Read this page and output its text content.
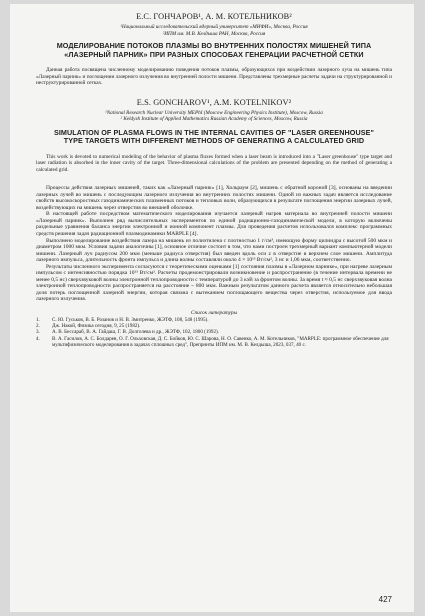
Е.С. ГОНЧАРОВ¹, А. М. КОТЕЛЬНИКОВ²
¹Национальный исследовательский ядерный университет «МИФИ», Москва, Россия
²ИПМ им. М.В. Келдыша РАН, Москва, Россия
МОДЕЛИРОВАНИЕ ПОТОКОВ ПЛАЗМЫ ВО ВНУТРЕННИХ ПОЛОСТЯХ МИШЕНЕЙ ТИПА «ЛАЗЕРНЫЙ ПАРНИК» ПРИ РАЗНЫХ СПОСОБАХ ГЕНЕРАЦИИ РАСЧЕТНОЙ СЕТКИ
Данная работа посвящена численному моделированию поведения потоков плазмы, образующихся при воздействии лазерного луча на мишень типа «Лазерный парник» и поглощении лазерного излучения во внутренней полости мишени. Представлены трехмерные расчеты задачи на структурированной и неструктурированной сетках.
E.S. GONCHAROV¹, A.M. KOTELNIKOV²
¹National Research Nuclear University MEPhI (Moscow Engineering Physics Institute), Moscow, Russia
² Keldysh Institute of Applied Mathematics Russian Academy of Sciences, Moscow, Russia
SIMULATION OF PLASMA FLOWS IN THE INTERNAL CAVITIES OF "LASER GREENHOUSE" TYPE TARGETS WITH DIFFERENT METHODS OF GENERATING A CALCULATED GRID
This work is devoted to numerical modeling of the behavior of plasma fluxes formed when a laser beam is introduced into a "Laser greenhouse" type target and laser radiation is absorbed in the inner cavity of the target. Three-dimensional calculations of the problem are presented depending on the method of generating a calculated grid.

Процессы действия лазерных мишеней, таких как «Лазерный парник» [1], Хольраум [2], мишень с обратной короной [3], основаны на введении лазерных лучей во мишень с последующим лазерного излучения во внутренних полостях мишени. Одной из важных задач является исследование свойств высокоскоростных газодинамических плазменных потоков и тепловых волн, образующихся в результате поглощения энергии лазерных лучей, воздействующих на мишень через отверстия во внешней оболочке.

В настоящей работе посредством математического моделирования изучается лазерный нагрев материала во внутренней полости мишени «Лазерный парник». Выполнен ряд вычислительных экспериментов по единой радиационно-газодинамической модели, в которую включены раздельные уравнения баланса энергии электронной и ионной компонент плазмы. Для проведения расчетов использовался комплекс программных средств решения задач радиационной плазмодинамики MARPLE [4].

Выполнено моделирование воздействия лазера на мишень из полиэтилена с плотностью 1 г/см³, имеющую форму цилиндра с высотой 500 мкм и диаметром 1000 мкм. Условия задачи аналогичны [1], основное отличие состоит в том, что нами построен трехмерный вариант компьютерной модели мишени. Лазерный луч радиусом 200 мкм (меньше радиуса отверстия) был введен вдоль оси z в отверстие в верхнем слое мишени. Амплитуда лазерного импульса, длительность фронта импульса и длина волны составляли около 4 × 10¹³ Вт/см², 3 нс и 1,06 мкм, соответственно.

Результаты численного эксперимента согласуются с теоретическими оценками [1] состояния плазмы в «Лазерном парнике», при нагреве лазерным импульсом с интенсивностью порядка 10¹³ Вт/см². Расчеты продемонстрировали возникновение и распространение (в течение интервала времени не менее 0,5 нс) сверхзвуковой волны электронной теплопроводности с температурой до 3 кэВ за фронтом волны. За время t ≈ 0,5 нс сверхзвуковая волна электронной теплопроводности распространяется на расстояние ~ 800 мкм. Важным результатом данного расчета является относительно небольшая доля потерь поглощенной лазерной энергии, которая связана с вытеканием поглощающего вещества через отверстия, используемое для ввода лазерного излучения.

Список литературы
1.	С. Ю. Гуськов, В. Б. Розанов и Н. В. Змитренко, ЖЭТФ, 108, 548 (1995).
2.	Дж. Накой, Физика сегодня, 9, 25 (1982).
3.	А. В. Бессараб, В. А. Гайдаш, Г. В. Долголева и др., ЖЭТФ, 102, 1800 (1992).
4.	В. А. Гасилов, А. С. Болдарев, О. Г. Ольховская, Д. С. Бойков, Ю. С. Шарова, Н. О. Савенко, А. М. Котельников, "MARPLE: программное обеспечение для мультифизического моделирования в задачах сплошных сред", Препринты ИПМ им. М. В. Келдыша, 2023, 037, 40 с.
427
